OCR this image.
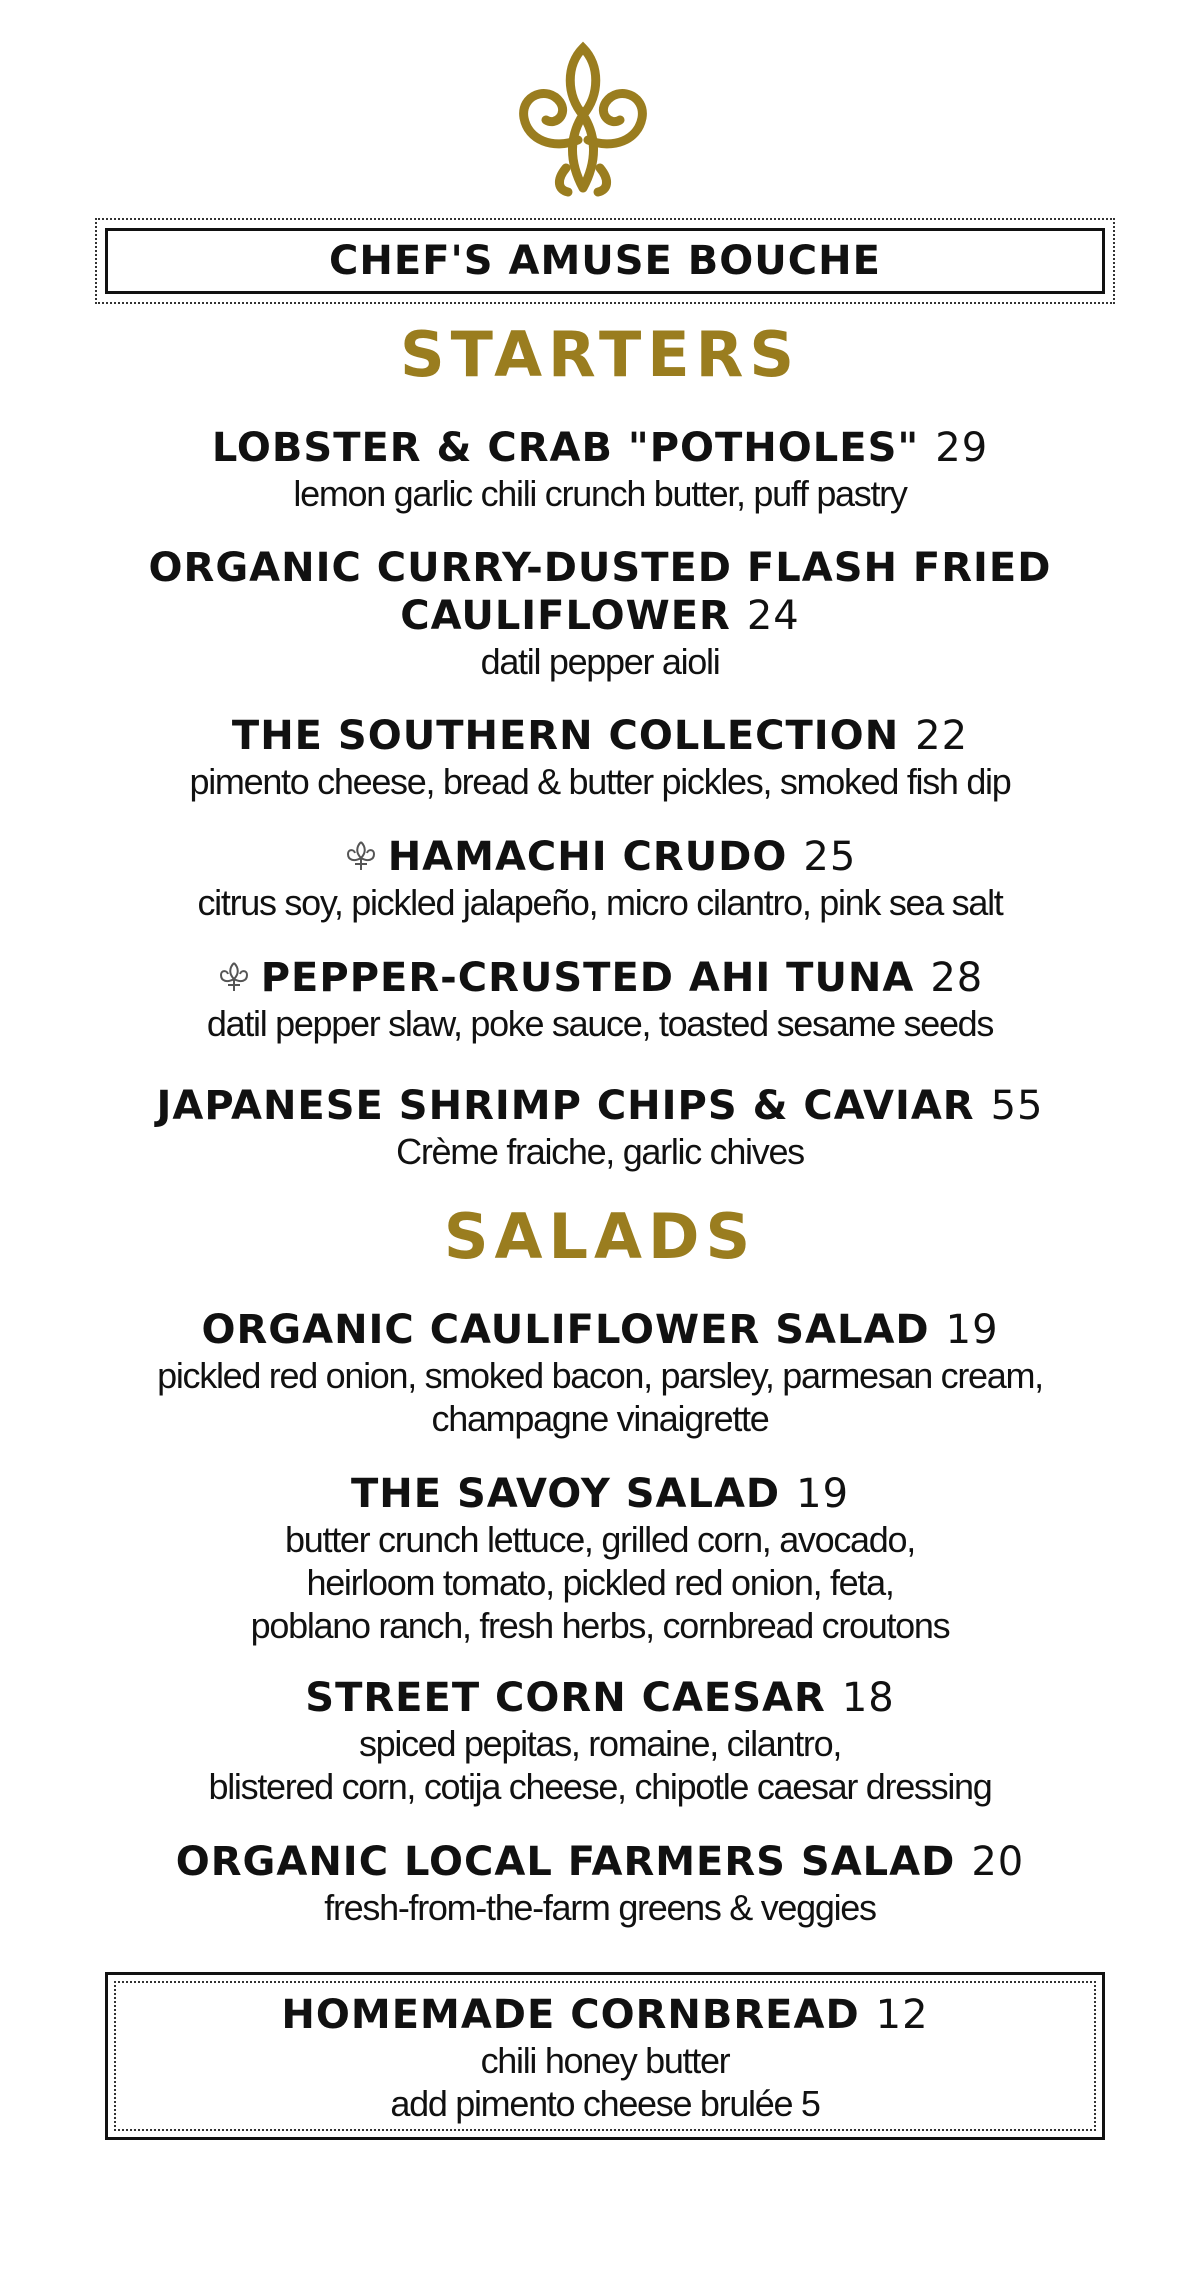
CHEF'S AMUSE BOUCHE
STARTERS
LOBSTER & CRAB "POTHOLES" 29
lemon garlic chili crunch butter, puff pastry
ORGANIC CURRY-DUSTED FLASH FRIED
CAULIFLOWER 24
datil pepper aioli
THE SOUTHERN COLLECTION 22
pimento cheese, bread & butter pickles, smoked fish dip
HAMACHI CRUDO 25
citrus soy, pickled jalapeño, micro cilantro, pink sea salt
PEPPER-CRUSTED AHI TUNA 28
datil pepper slaw, poke sauce, toasted sesame seeds
JAPANESE SHRIMP CHIPS & CAVIAR 55
Crème fraiche, garlic chives
SALADS
ORGANIC CAULIFLOWER SALAD 19
pickled red onion, smoked bacon, parsley, parmesan cream,
champagne vinaigrette
THE SAVOY SALAD 19
butter crunch lettuce, grilled corn, avocado,
heirloom tomato, pickled red onion, feta,
poblano ranch, fresh herbs, cornbread croutons
STREET CORN CAESAR 18
spiced pepitas, romaine, cilantro,
blistered corn, cotija cheese, chipotle caesar dressing
ORGANIC LOCAL FARMERS SALAD 20
fresh-from-the-farm greens & veggies
HOMEMADE CORNBREAD 12
chili honey butter
add pimento cheese brulée 5
